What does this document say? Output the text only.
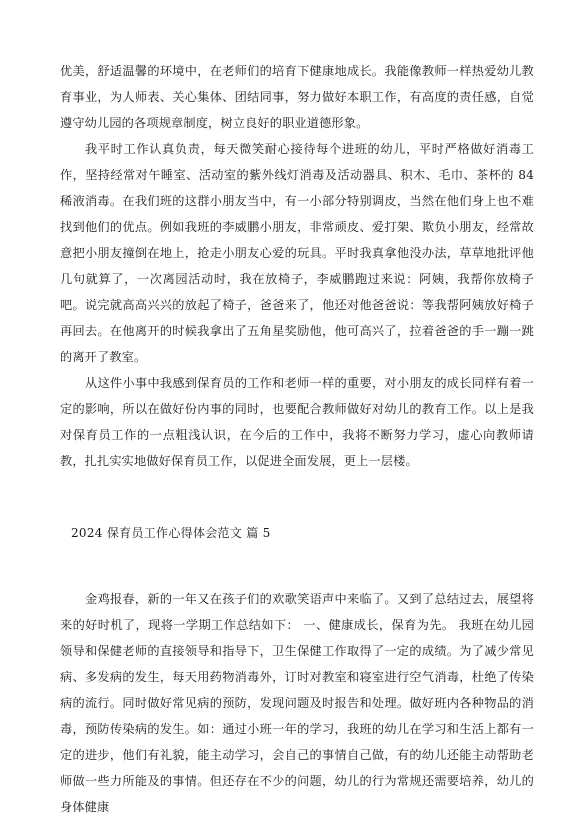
优美，舒适温馨的环境中，在老师们的培育下健康地成长。我能像教师一样热爱幼儿教育事业，为人师表、关心集体、团结同事，努力做好本职工作，有高度的责任感，自觉遵守幼儿园的各项规章制度，树立良好的职业道德形象。

我平时工作认真负责，每天微笑耐心接待每个进班的幼儿，平时严格做好消毒工作，坚持经常对午睡室、活动室的紫外线灯消毒及活动器具、积木、毛巾、茶杯的 84 稀液消毒。在我们班的这群小朋友当中，有一小部分特别调皮，当然在他们身上也不难找到他们的优点。例如我班的李威鹏小朋友，非常顽皮、爱打架、欺负小朋友，经常故意把小朋友撞倒在地上，抢走小朋友心爱的玩具。平时我真拿他没办法，草草地批评他几句就算了，一次离园活动时，我在放椅子，李威鹏跑过来说：阿姨，我帮你放椅子吧。说完就高高兴兴的放起了椅子，爸爸来了，他还对他爸爸说：等我帮阿姨放好椅子再回去。在他离开的时候我拿出了五角星奖励他，他可高兴了，拉着爸爸的手一蹦一跳的离开了教室。

从这件小事中我感到保育员的工作和老师一样的重要，对小朋友的成长同样有着一定的影响，所以在做好份内事的同时，也要配合教师做好对幼儿的教育工作。以上是我对保育员工作的一点粗浅认识，在今后的工作中，我将不断努力学习，虚心向教师请教，扎扎实实地做好保育员工作，以促进全面发展，更上一层楼。

2024 保育员工作心得体会范文 篇 5

金鸡报春，新的一年又在孩子们的欢歌笑语声中来临了。又到了总结过去，展望将来的好时机了，现将一学期工作总结如下： 一、健康成长，保育为先。 我班在幼儿园领导和保健老师的直接领导和指导下，卫生保健工作取得了一定的成绩。为了减少常见病、多发病的发生，每天用药物消毒外，订时对教室和寝室进行空气消毒，杜绝了传染病的流行。同时做好常见病的预防，发现问题及时报告和处理。做好班内各种物品的消毒，预防传染病的发生。如：通过小班一年的学习，我班的幼儿在学习和生活上都有一定的进步，他们有礼貌，能主动学习，会自己的事情自己做，有的幼儿还能主动帮助老师做一些力所能及的事情。但还存在不少的问题，幼儿的行为常规还需要培养，幼儿的身体健康
